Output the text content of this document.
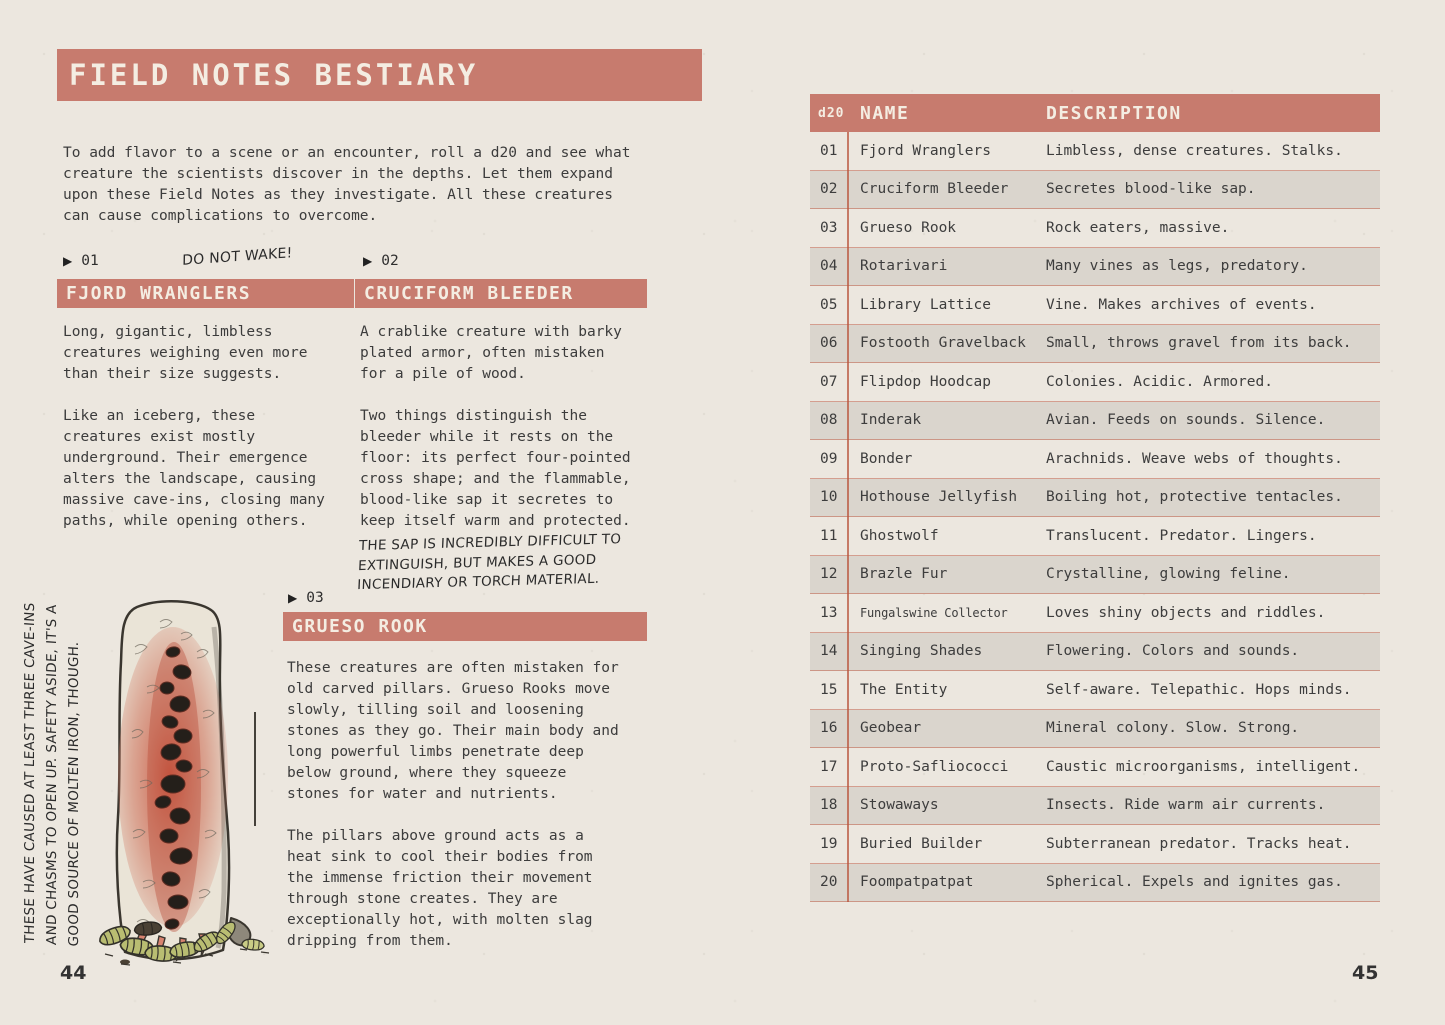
FIELD NOTES BESTIARY
To add flavor to a scene or an encounter, roll a d20 and see what creature the scientists discover in the depths. Let them expand upon these Field Notes as they investigate. All these creatures can cause complications to overcome.
▶ 01	DO NOT WAKE!	▶ 02
FJORD WRANGLERS	CRUCIFORM BLEEDER

Long, gigantic, limbless creatures weighing even more than their size suggests.

Like an iceberg, these creatures exist mostly underground. Their emergence alters the landscape, causing massive cave-ins, closing many paths, while opening others.

A crablike creature with barky plated armor, often mistaken for a pile of wood.

Two things distinguish the bleeder while it rests on the floor: its perfect four-pointed cross shape; and the flammable, blood-like sap it secretes to keep itself warm and protected.

THE SAP IS INCREDIBLY DIFFICULT TO EXTINGUISH, BUT MAKES A GOOD INCENDIARY OR TORCH MATERIAL.
▶ 03
GRUESO ROOK

These creatures are often mistaken for old carved pillars. Grueso Rooks move slowly, tilling soil and loosening stones as they go. Their main body and long powerful limbs penetrate deep below ground, where they squeeze stones for water and nutrients.

The pillars above ground acts as a heat sink to cool their bodies from the immense friction their movement through stone creates. They are exceptionally hot, with molten slag dripping from them.

THESE HAVE CAUSED AT LEAST THREE CAVE-INS AND CHASMS TO OPEN UP. SAFETY ASIDE, IT'S A GOOD SOURCE OF MOLTEN IRON, THOUGH.
44
d20 NAME	DESCRIPTION
01	Fjord Wranglers	Limbless, dense creatures. Stalks.
02	Cruciform Bleeder	Secretes blood-like sap.
03	Grueso Rook	Rock eaters, massive.
04	Rotarivari	Many vines as legs, predatory.
05	Library Lattice	Vine. Makes archives of events.
06	Fostooth Gravelback	Small, throws gravel from its back.
07	Flipdop Hoodcap	Colonies. Acidic. Armored.
08	Inderak	Avian. Feeds on sounds. Silence.
09	Bonder	Arachnids. Weave webs of thoughts.
10	Hothouse Jellyfish	Boiling hot, protective tentacles.
11	Ghostwolf	Translucent. Predator. Lingers.
12	Brazle Fur	Crystalline, glowing feline.
13	Fungalswine Collector	Loves shiny objects and riddles.
14	Singing Shades	Flowering. Colors and sounds.
15	The Entity	Self-aware. Telepathic. Hops minds.
16	Geobear	Mineral colony. Slow. Strong.
17	Proto-Safliococci	Caustic microorganisms, intelligent.
18	Stowaways	Insects. Ride warm air currents.
19	Buried Builder	Subterranean predator. Tracks heat.
20	Foompatpatpat	Spherical. Expels and ignites gas.
45
